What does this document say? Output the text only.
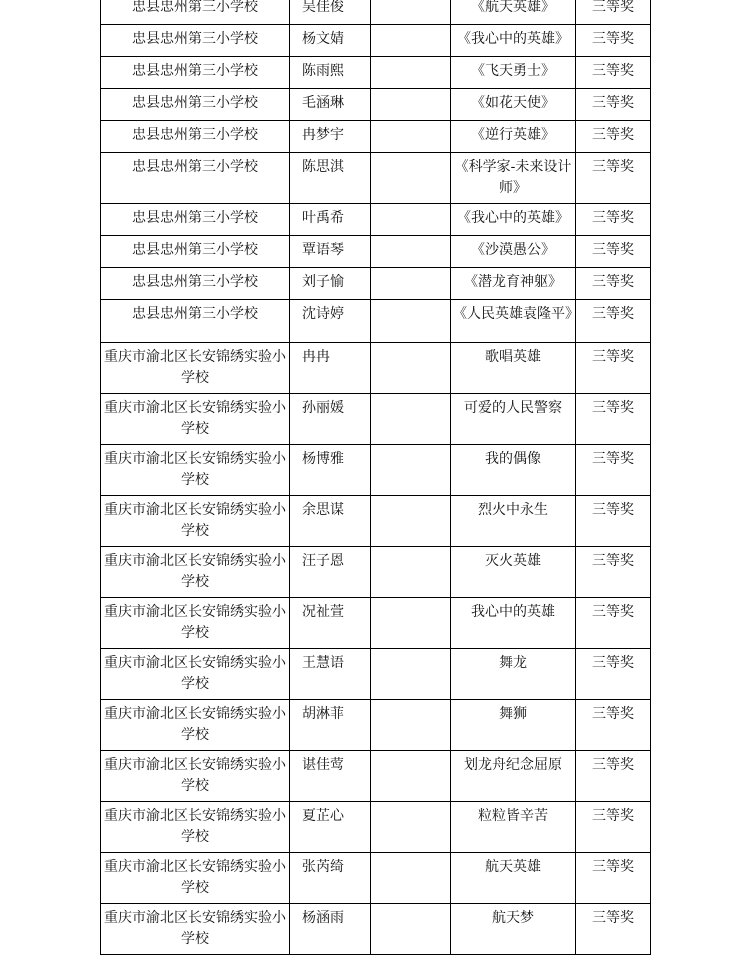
忠县忠州第三小学校	吴佳俊		《航天英雄》	三等奖
忠县忠州第三小学校	杨文婧		《我心中的英雄》	三等奖
忠县忠州第三小学校	陈雨熙		《飞天勇士》	三等奖
忠县忠州第三小学校	毛涵琳		《如花天使》	三等奖
忠县忠州第三小学校	冉梦宇		《逆行英雄》	三等奖
忠县忠州第三小学校	陈思淇		《科学家-未来设计师》	三等奖
忠县忠州第三小学校	叶禹希		《我心中的英雄》	三等奖
忠县忠州第三小学校	覃语琴		《沙漠愚公》	三等奖
忠县忠州第三小学校	刘子愉		《潜龙育神躯》	三等奖
忠县忠州第三小学校	沈诗婷		《人民英雄袁隆平》	三等奖
重庆市渝北区长安锦绣实验小学校	冉冉		歌唱英雄	三等奖
重庆市渝北区长安锦绣实验小学校	孙丽媛		可爱的人民警察	三等奖
重庆市渝北区长安锦绣实验小学校	杨博雅		我的偶像	三等奖
重庆市渝北区长安锦绣实验小学校	余思谋		烈火中永生	三等奖
重庆市渝北区长安锦绣实验小学校	汪子恩		灭火英雄	三等奖
重庆市渝北区长安锦绣实验小学校	况祉萱		我心中的英雄	三等奖
重庆市渝北区长安锦绣实验小学校	王慧语		舞龙	三等奖
重庆市渝北区长安锦绣实验小学校	胡淋菲		舞狮	三等奖
重庆市渝北区长安锦绣实验小学校	谌佳莺		划龙舟纪念屈原	三等奖
重庆市渝北区长安锦绣实验小学校	夏芷心		粒粒皆辛苦	三等奖
重庆市渝北区长安锦绣实验小学校	张芮绮		航天英雄	三等奖
重庆市渝北区长安锦绣实验小学校	杨涵雨		航天梦	三等奖
